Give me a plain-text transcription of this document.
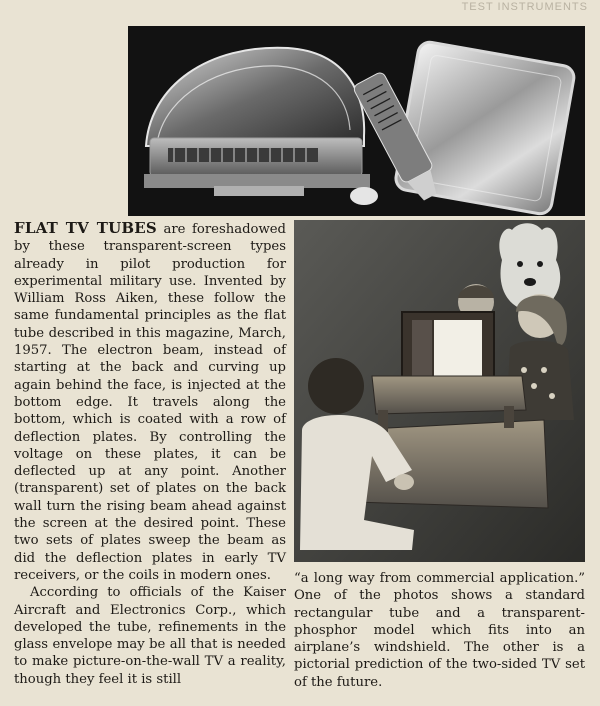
TEST INSTRUMENTS

FLAT TV TUBES are foreshadowed by these transparent-screen types already in pilot production for experimental military use. Invented by William Ross Aiken, these follow the same fundamental principles as the flat tube described in this magazine, March, 1957. The electron beam, instead of starting at the back and curving up again behind the face, is injected at the bottom edge. It travels along the bottom, which is coated with a row of deflection plates. By controlling the voltage on these plates, it can be deflected up at any point. Another (transparent) set of plates on the back wall turn the rising beam ahead against the screen at the desired point. These two sets of plates sweep the beam as did the deflection plates in early TV receivers, or the coils in modern ones.

According to officials of the Kaiser Aircraft and Electronics Corp., which developed the tube, refinements in the glass envelope may be all that is needed to make picture-on-the-wall TV a reality, though they feel it is still

“a long way from commercial application.” One of the photos shows a standard rectangular tube and a transparent-phosphor model which fits into an airplane’s windshield. The other is a pictorial prediction of the two-sided TV set of the future.
